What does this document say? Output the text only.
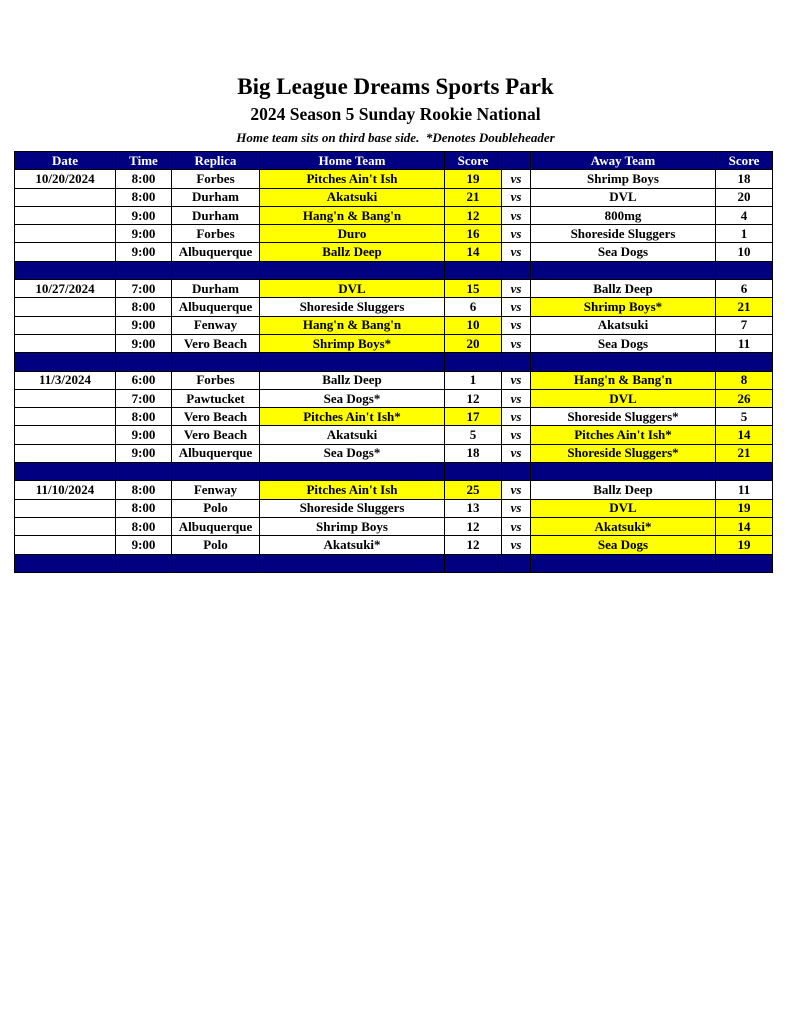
Big League Dreams Sports Park
2024 Season 5 Sunday Rookie National
Home team sits on third base side. *Denotes Doubleheader
Date	Time	Replica	Home Team	Score		Away Team	Score
10/20/2024	8:00	Forbes	Pitches Ain't Ish	19	vs	Shrimp Boys	18
	8:00	Durham	Akatsuki	21	vs	DVL	20
	9:00	Durham	Hang'n & Bang'n	12	vs	800mg	4
	9:00	Forbes	Duro	16	vs	Shoreside Sluggers	1
	9:00	Albuquerque	Ballz Deep	14	vs	Sea Dogs	10

10/27/2024	7:00	Durham	DVL	15	vs	Ballz Deep	6
	8:00	Albuquerque	Shoreside Sluggers	6	vs	Shrimp Boys*	21
	9:00	Fenway	Hang'n & Bang'n	10	vs	Akatsuki	7
	9:00	Vero Beach	Shrimp Boys*	20	vs	Sea Dogs	11

11/3/2024	6:00	Forbes	Ballz Deep	1	vs	Hang'n & Bang'n	8
	7:00	Pawtucket	Sea Dogs*	12	vs	DVL	26
	8:00	Vero Beach	Pitches Ain't Ish*	17	vs	Shoreside Sluggers*	5
	9:00	Vero Beach	Akatsuki	5	vs	Pitches Ain't Ish*	14
	9:00	Albuquerque	Sea Dogs*	18	vs	Shoreside Sluggers*	21

11/10/2024	8:00	Fenway	Pitches Ain't Ish	25	vs	Ballz Deep	11
	8:00	Polo	Shoreside Sluggers	13	vs	DVL	19
	8:00	Albuquerque	Shrimp Boys	12	vs	Akatsuki*	14
	9:00	Polo	Akatsuki*	12	vs	Sea Dogs	19
